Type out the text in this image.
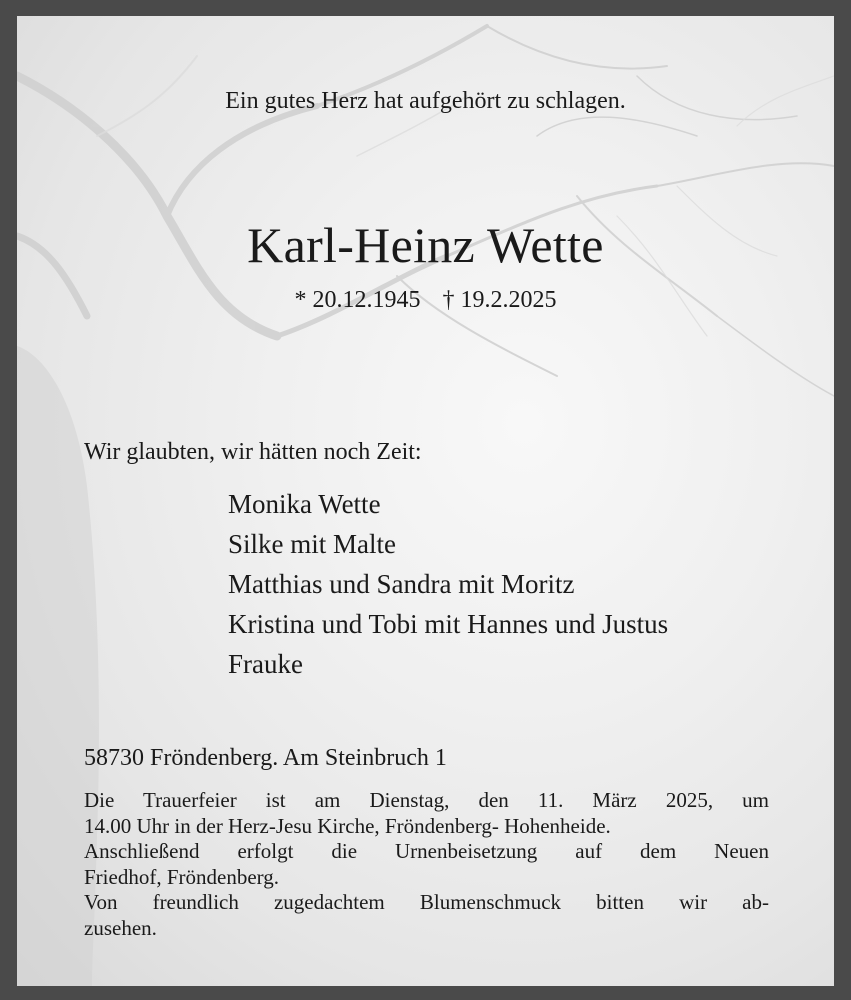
Ein gutes Herz hat aufgehört zu schlagen.
Karl-Heinz Wette
* 20.12.1945 † 19.2.2025
Wir glaubten, wir hätten noch Zeit:
Monika Wette
Silke mit Malte
Matthias und Sandra mit Moritz
Kristina und Tobi mit Hannes und Justus
Frauke
58730 Fröndenberg. Am Steinbruch 1
Die Trauerfeier ist am Dienstag, den 11. März 2025, um
14.00 Uhr in der Herz-Jesu Kirche, Fröndenberg- Hohenheide.
Anschließend erfolgt die Urnenbeisetzung auf dem Neuen
Friedhof, Fröndenberg.
Von freundlich zugedachtem Blumenschmuck bitten wir ab-
zusehen.
